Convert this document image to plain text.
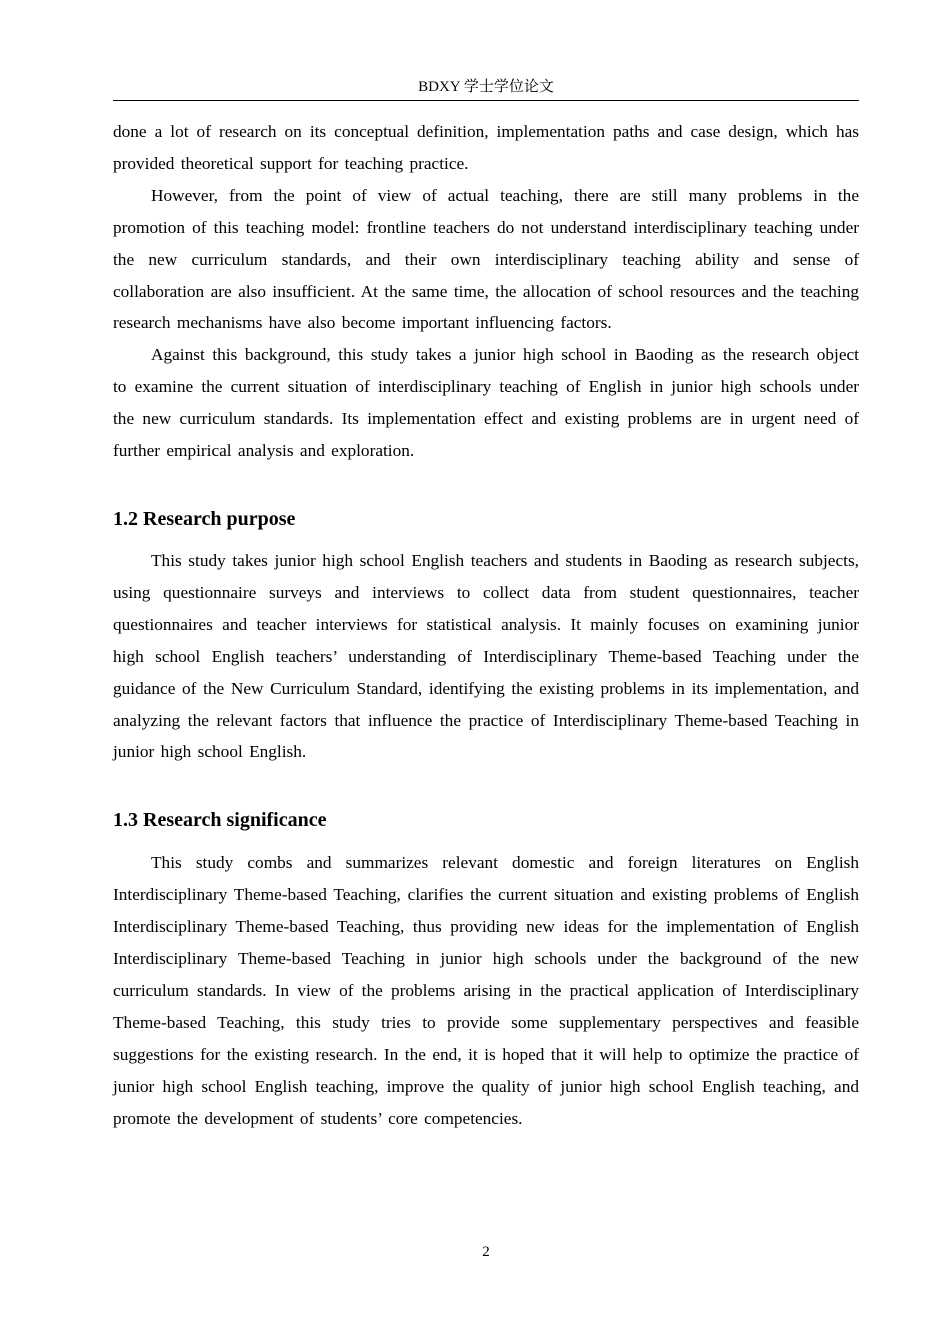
BDXY 学士学位论文

done a lot of research on its conceptual definition, implementation paths and case design, which has provided theoretical support for teaching practice.

However, from the point of view of actual teaching, there are still many problems in the promotion of this teaching model: frontline teachers do not understand interdisciplinary teaching under the new curriculum standards, and their own interdisciplinary teaching ability and sense of collaboration are also insufficient. At the same time, the allocation of school resources and the teaching research mechanisms have also become important influencing factors.

Against this background, this study takes a junior high school in Baoding as the research object to examine the current situation of interdisciplinary teaching of English in junior high schools under the new curriculum standards. Its implementation effect and existing problems are in urgent need of further empirical analysis and exploration.

1.2 Research purpose

This study takes junior high school English teachers and students in Baoding as research subjects, using questionnaire surveys and interviews to collect data from student questionnaires, teacher questionnaires and teacher interviews for statistical analysis. It mainly focuses on examining junior high school English teachers’ understanding of Interdisciplinary Theme-based Teaching under the guidance of the New Curriculum Standard, identifying the existing problems in its implementation, and analyzing the relevant factors that influence the practice of Interdisciplinary Theme-based Teaching in junior high school English.

1.3 Research significance

This study combs and summarizes relevant domestic and foreign literatures on English Interdisciplinary Theme-based Teaching, clarifies the current situation and existing problems of English Interdisciplinary Theme-based Teaching, thus providing new ideas for the implementation of English Interdisciplinary Theme-based Teaching in junior high schools under the background of the new curriculum standards. In view of the problems arising in the practical application of Interdisciplinary Theme-based Teaching, this study tries to provide some supplementary perspectives and feasible suggestions for the existing research. In the end, it is hoped that it will help to optimize the practice of junior high school English teaching, improve the quality of junior high school English teaching, and promote the development of students’ core competencies.

2
